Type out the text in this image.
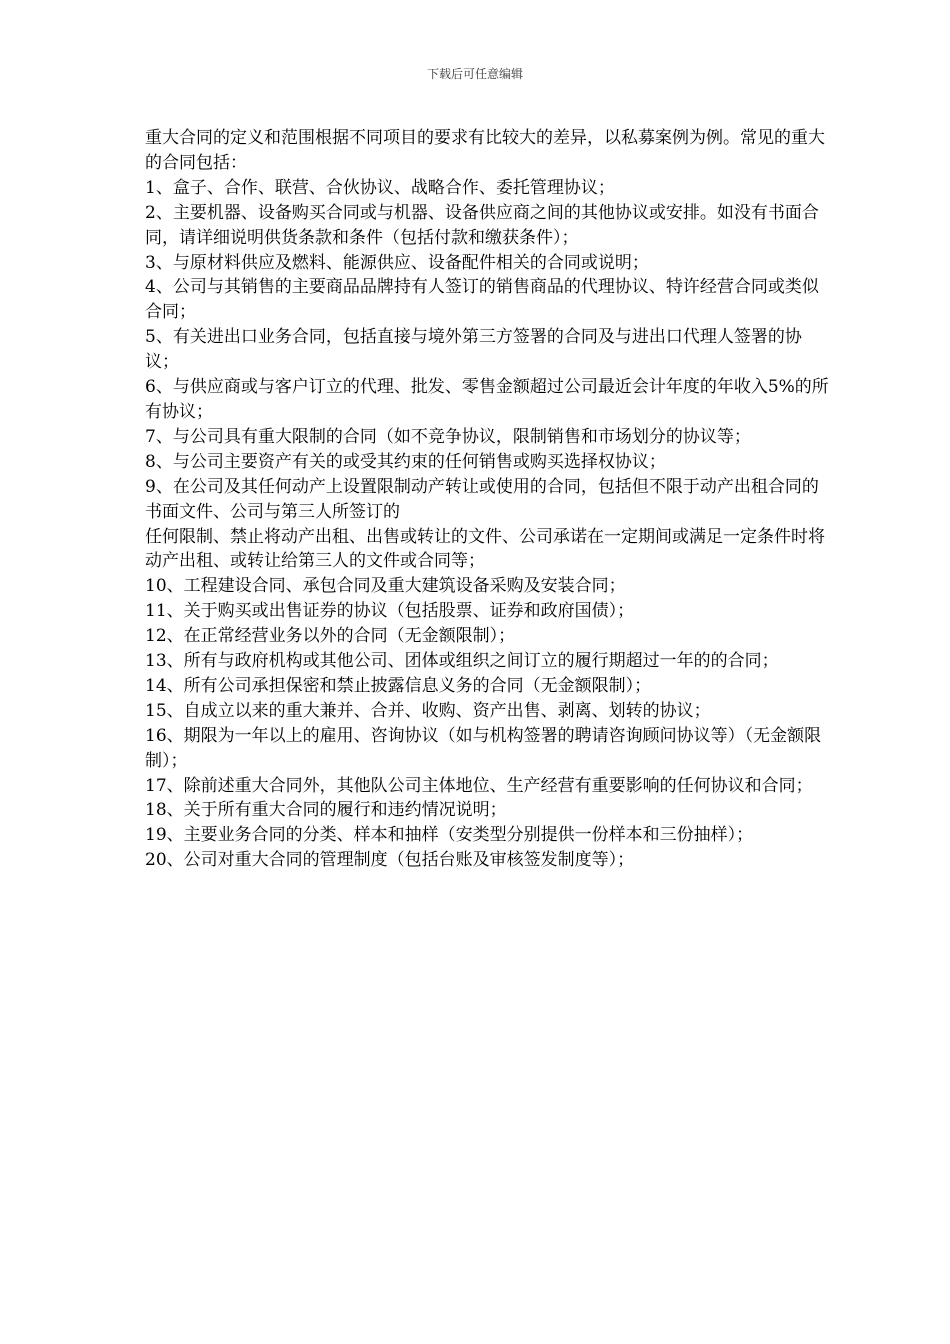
下载后可任意编辑

重大合同的定义和范围根据不同项目的要求有比较大的差异，以私募案例为例。常见的重大的合同包括：

1、盒子、合作、联营、合伙协议、战略合作、委托管理协议；

2、主要机器、设备购买合同或与机器、设备供应商之间的其他协议或安排。如没有书面合同，请详细说明供货条款和条件（包括付款和缴获条件）；

3、与原材料供应及燃料、能源供应、设备配件相关的合同或说明；

4、公司与其销售的主要商品品牌持有人签订的销售商品的代理协议、特许经营合同或类似合同；

5、有关进出口业务合同，包括直接与境外第三方签署的合同及与进出口代理人签署的协议；

6、与供应商或与客户订立的代理、批发、零售金额超过公司最近会计年度的年收入5%的所有协议；

7、与公司具有重大限制的合同（如不竞争协议，限制销售和市场划分的协议等；

8、与公司主要资产有关的或受其约束的任何销售或购买选择权协议；

9、在公司及其任何动产上设置限制动产转让或使用的合同，包括但不限于动产出租合同的书面文件、公司与第三人所签订的

任何限制、禁止将动产出租、出售或转让的文件、公司承诺在一定期间或满足一定条件时将动产出租、或转让给第三人的文件或合同等；

10、工程建设合同、承包合同及重大建筑设备采购及安装合同；

11、关于购买或出售证券的协议（包括股票、证券和政府国债）；

12、在正常经营业务以外的合同（无金额限制）；

13、所有与政府机构或其他公司、团体或组织之间订立的履行期超过一年的的合同；

14、所有公司承担保密和禁止披露信息义务的合同（无金额限制）；

15、自成立以来的重大兼并、合并、收购、资产出售、剥离、划转的协议；

16、期限为一年以上的雇用、咨询协议（如与机构签署的聘请咨询顾问协议等）（无金额限制）；

17、除前述重大合同外，其他队公司主体地位、生产经营有重要影响的任何协议和合同；

18、关于所有重大合同的履行和违约情况说明；

19、主要业务合同的分类、样本和抽样（安类型分别提供一份样本和三份抽样）；

20、公司对重大合同的管理制度（包括台账及审核签发制度等）；
